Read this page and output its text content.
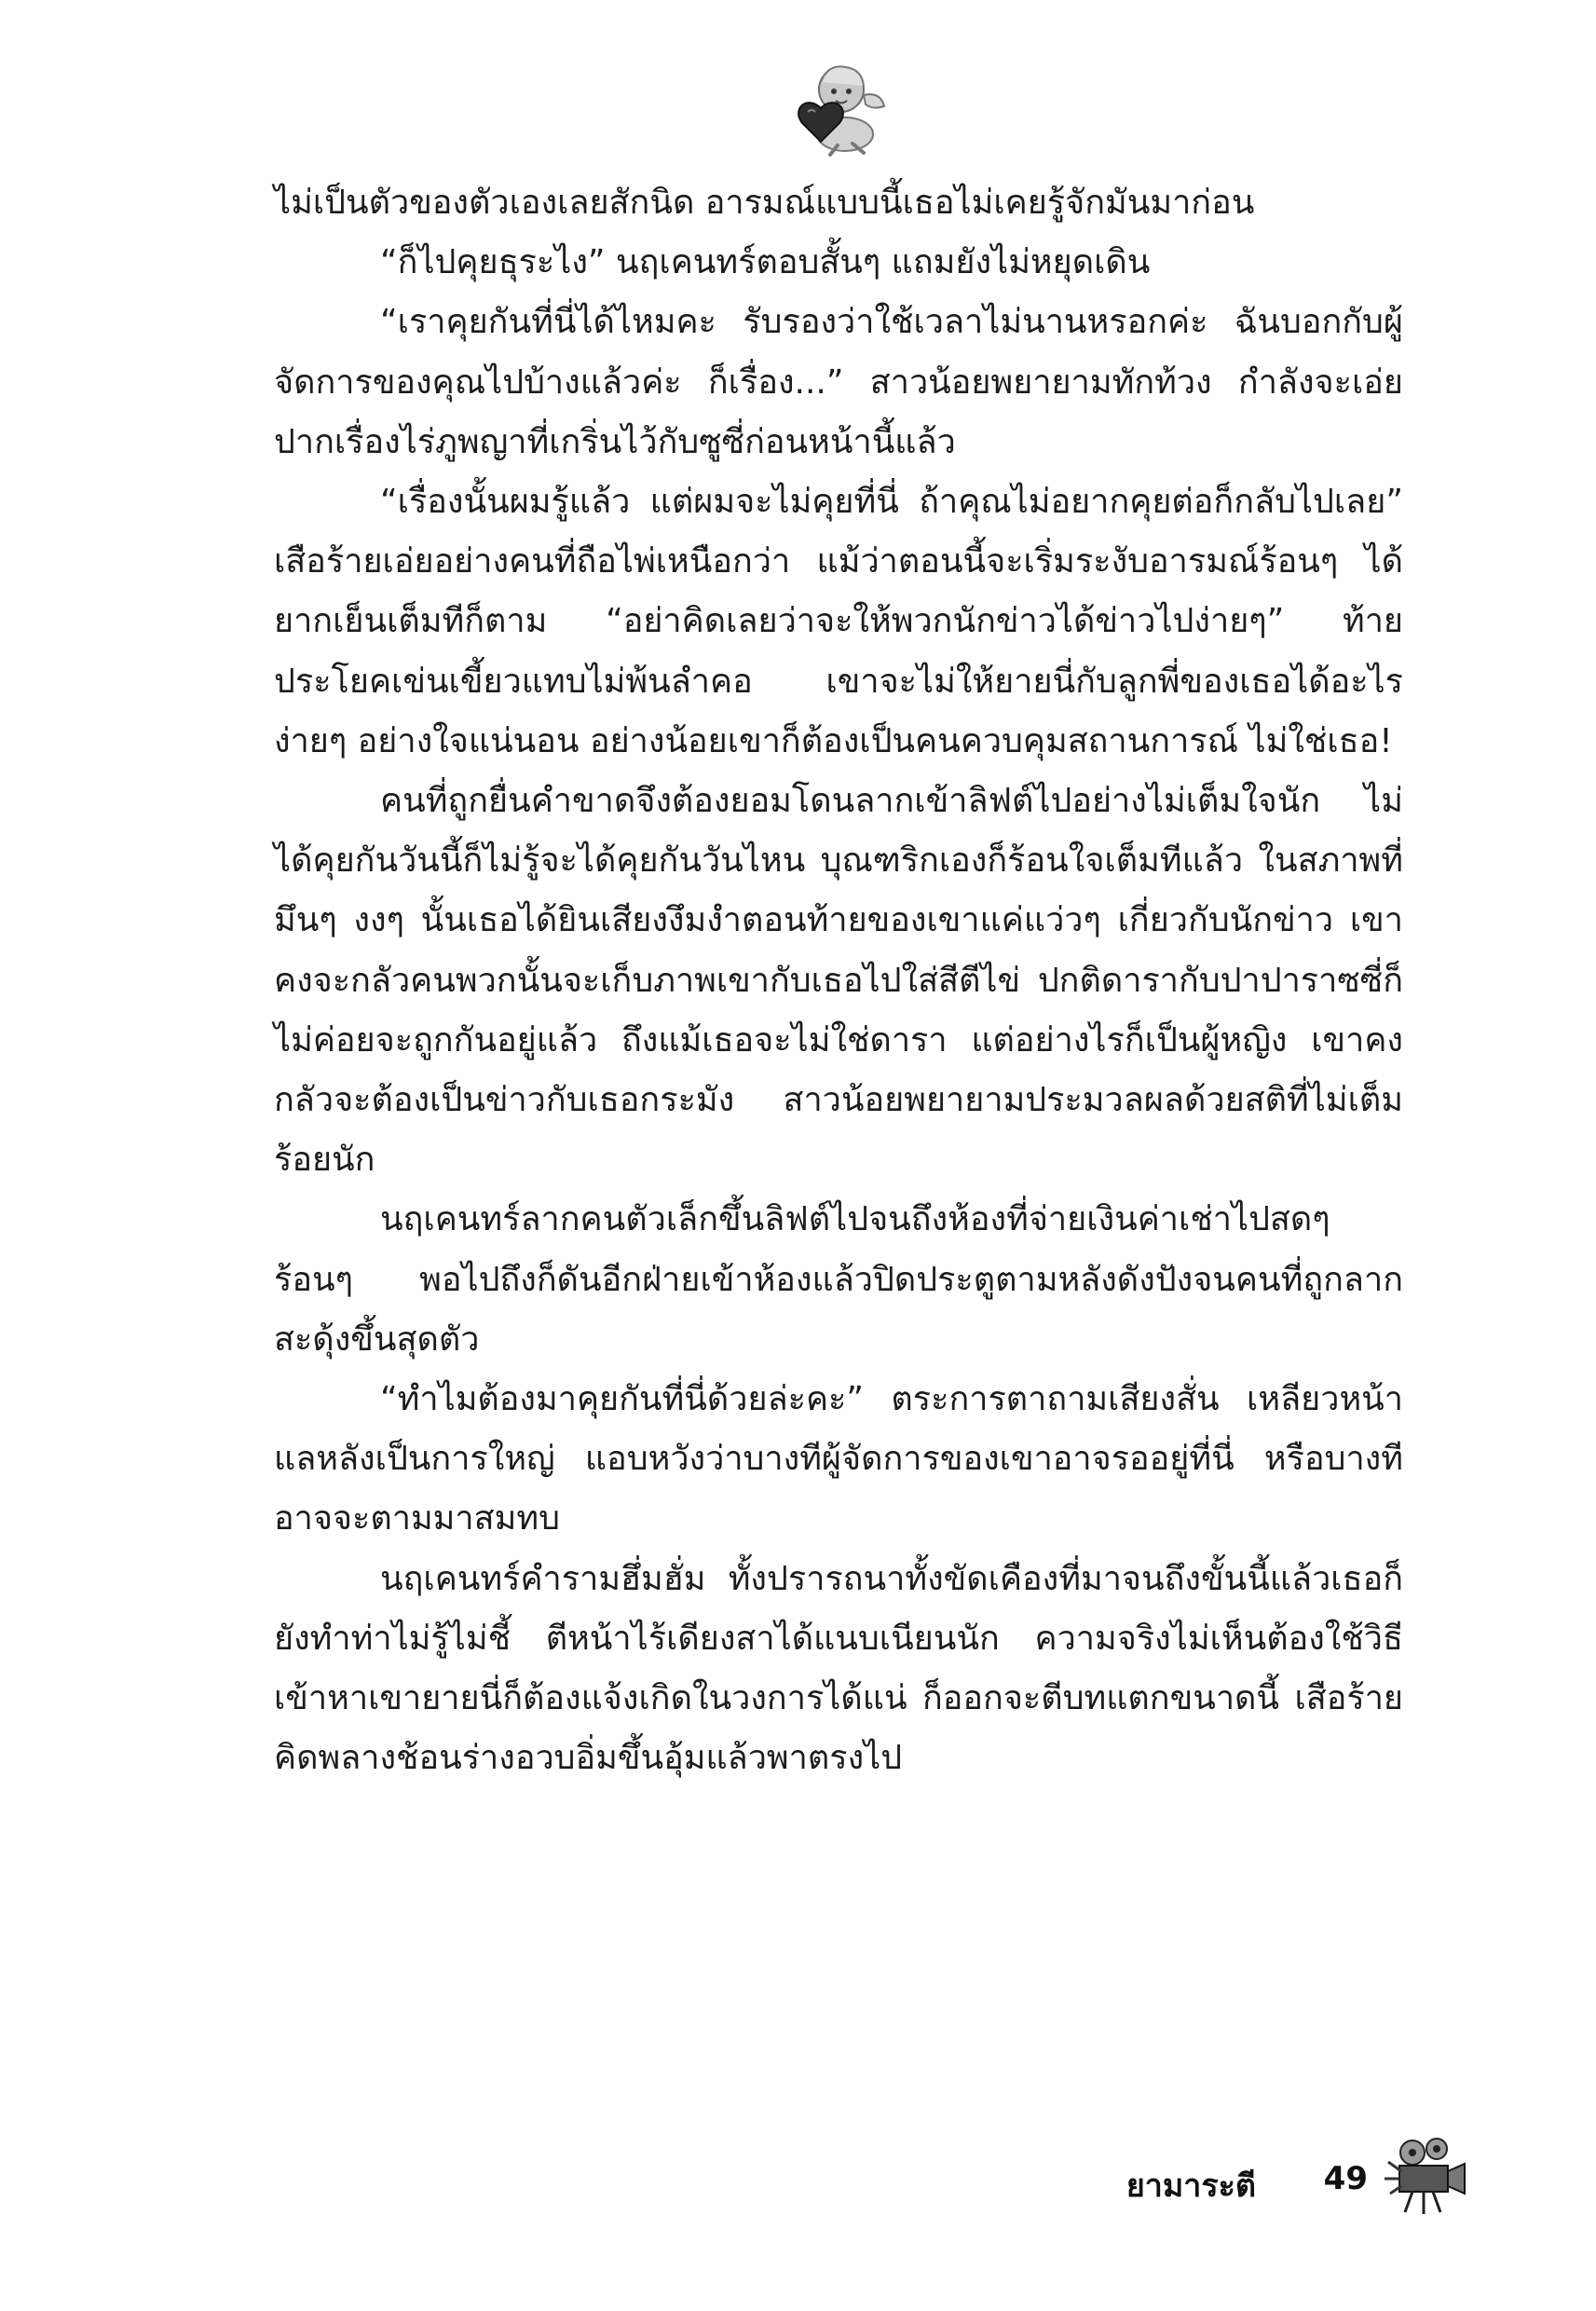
ไม่เป็นตัวของตัวเองเลยสักนิด อารมณ์แบบนี้เธอไม่เคยรู้จักมันมาก่อน

“ก็ไปคุยธุระไง” นฤเคนทร์ตอบสั้นๆ แถมยังไม่หยุดเดิน

“เราคุยกันที่นี่ได้ไหมคะ รับรองว่าใช้เวลาไม่นานหรอกค่ะ ฉันบอกกับผู้จัดการของคุณไปบ้างแล้วค่ะ ก็เรื่อง...” สาวน้อยพยายามทักท้วง กำลังจะเอ่ยปากเรื่องไร่ภูพญาที่เกริ่นไว้กับซูซี่ก่อนหน้านี้แล้ว

“เรื่องนั้นผมรู้แล้ว แต่ผมจะไม่คุยที่นี่ ถ้าคุณไม่อยากคุยต่อก็กลับไปเลย” เสือร้ายเอ่ยอย่างคนที่ถือไพ่เหนือกว่า แม้ว่าตอนนี้จะเริ่มระงับอารมณ์ร้อนๆ ได้ยากเย็นเต็มทีก็ตาม “อย่าคิดเลยว่าจะให้พวกนักข่าวได้ข่าวไปง่ายๆ” ท้ายประโยคเข่นเขี้ยวแทบไม่พ้นลำคอ เขาจะไม่ให้ยายนี่กับลูกพี่ของเธอได้อะไรง่ายๆ อย่างใจแน่นอน อย่างน้อยเขาก็ต้องเป็นคนควบคุมสถานการณ์ ไม่ใช่เธอ!

คนที่ถูกยื่นคำขาดจึงต้องยอมโดนลากเข้าลิฟต์ไปอย่างไม่เต็มใจนัก ไม่ได้คุยกันวันนี้ก็ไม่รู้จะได้คุยกันวันไหน บุณฑริกเองก็ร้อนใจเต็มทีแล้ว ในสภาพที่มึนๆ งงๆ นั้นเธอได้ยินเสียงงึมงำตอนท้ายของเขาแค่แว่วๆ เกี่ยวกับนักข่าว เขาคงจะกลัวคนพวกนั้นจะเก็บภาพเขากับเธอไปใส่สีตีไข่ ปกติดารากับปาปาราซซี่ก็ไม่ค่อยจะถูกกันอยู่แล้ว ถึงแม้เธอจะไม่ใช่ดารา แต่อย่างไรก็เป็นผู้หญิง เขาคงกลัวจะต้องเป็นข่าวกับเธอกระมัง สาวน้อยพยายามประมวลผลด้วยสติที่ไม่เต็มร้อยนัก

นฤเคนทร์ลากคนตัวเล็กขึ้นลิฟต์ไปจนถึงห้องที่จ่ายเงินค่าเช่าไปสดๆ ร้อนๆ พอไปถึงก็ดันอีกฝ่ายเข้าห้องแล้วปิดประตูตามหลังดังปังจนคนที่ถูกลากสะดุ้งขึ้นสุดตัว

“ทำไมต้องมาคุยกันที่นี่ด้วยล่ะคะ” ตระการตาถามเสียงสั่น เหลียวหน้าแลหลังเป็นการใหญ่ แอบหวังว่าบางทีผู้จัดการของเขาอาจรออยู่ที่นี่ หรือบางทีอาจจะตามมาสมทบ

นฤเคนทร์คำรามฮึ่มฮั่ม ทั้งปรารถนาทั้งขัดเคืองที่มาจนถึงขั้นนี้แล้วเธอก็ยังทำท่าไม่รู้ไม่ชี้ ตีหน้าไร้เดียงสาได้แนบเนียนนัก ความจริงไม่เห็นต้องใช้วิธีเข้าหาเขายายนี่ก็ต้องแจ้งเกิดในวงการได้แน่ ก็ออกจะตีบทแตกขนาดนี้ เสือร้ายคิดพลางช้อนร่างอวบอิ่มขึ้นอุ้มแล้วพาตรงไป

ยามาระตี 49
